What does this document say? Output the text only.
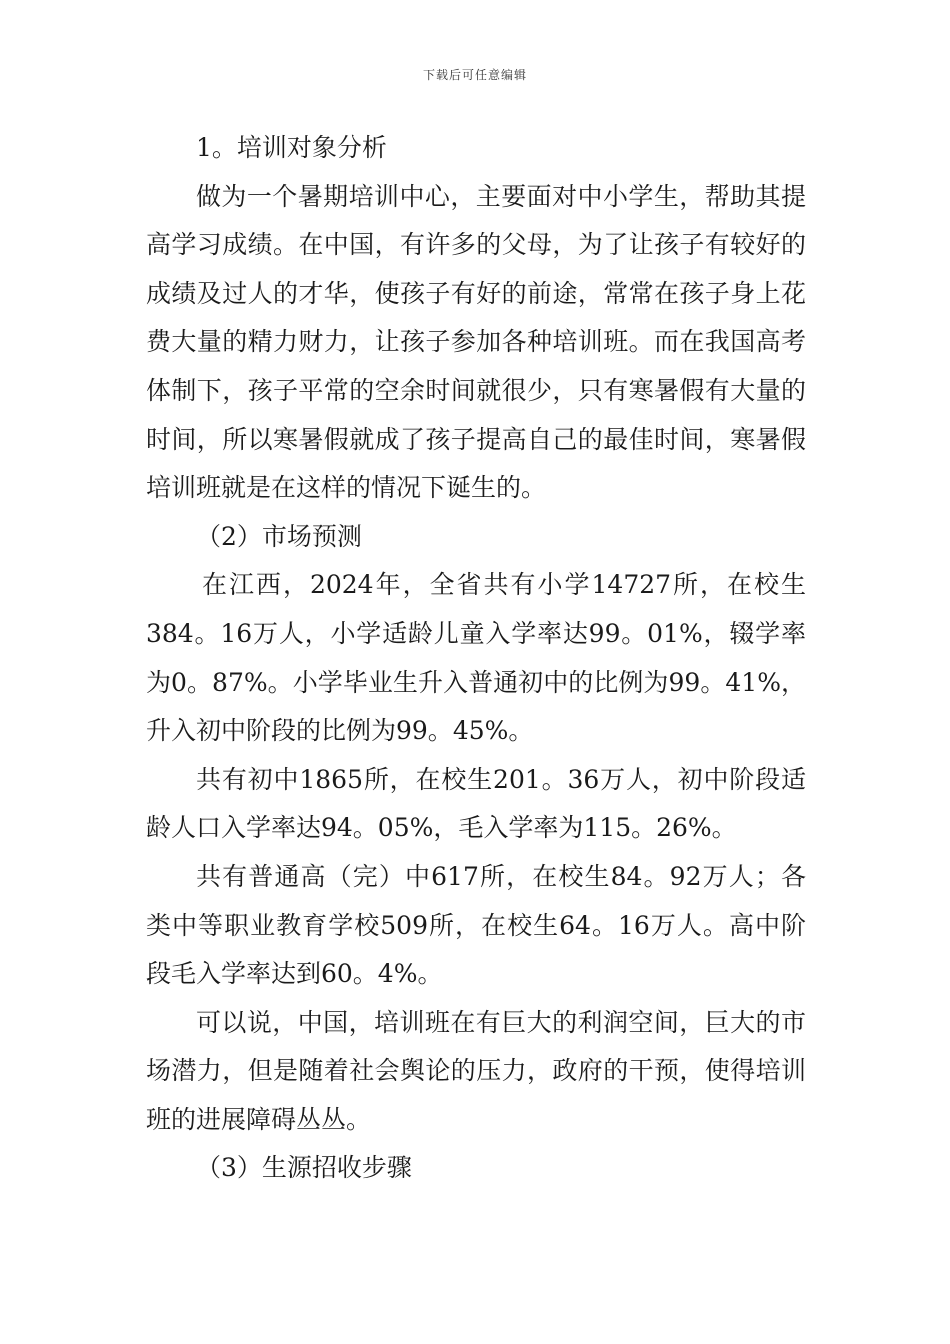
下载后可任意编辑

1。培训对象分析

做为一个暑期培训中心，主要面对中小学生，帮助其提高学习成绩。在中国，有许多的父母，为了让孩子有较好的成绩及过人的才华，使孩子有好的前途，常常在孩子身上花费大量的精力财力，让孩子参加各种培训班。而在我国高考体制下，孩子平常的空余时间就很少，只有寒暑假有大量的时间，所以寒暑假就成了孩子提高自己的最佳时间，寒暑假培训班就是在这样的情况下诞生的。

（2）市场预测

在江西，2024年，全省共有小学14727所，在校生384。16万人，小学适龄儿童入学率达99。01%，辍学率为0。87%。小学毕业生升入普通初中的比例为99。41%，升入初中阶段的比例为99。45%。

共有初中1865所，在校生201。36万人，初中阶段适龄人口入学率达94。05%，毛入学率为115。26%。

共有普通高（完）中617所，在校生84。92万人；各类中等职业教育学校509所，在校生64。16万人。高中阶段毛入学率达到60。4%。

可以说，中国，培训班在有巨大的利润空间，巨大的市场潜力，但是随着社会舆论的压力，政府的干预，使得培训班的进展障碍丛丛。

（3）生源招收步骤
